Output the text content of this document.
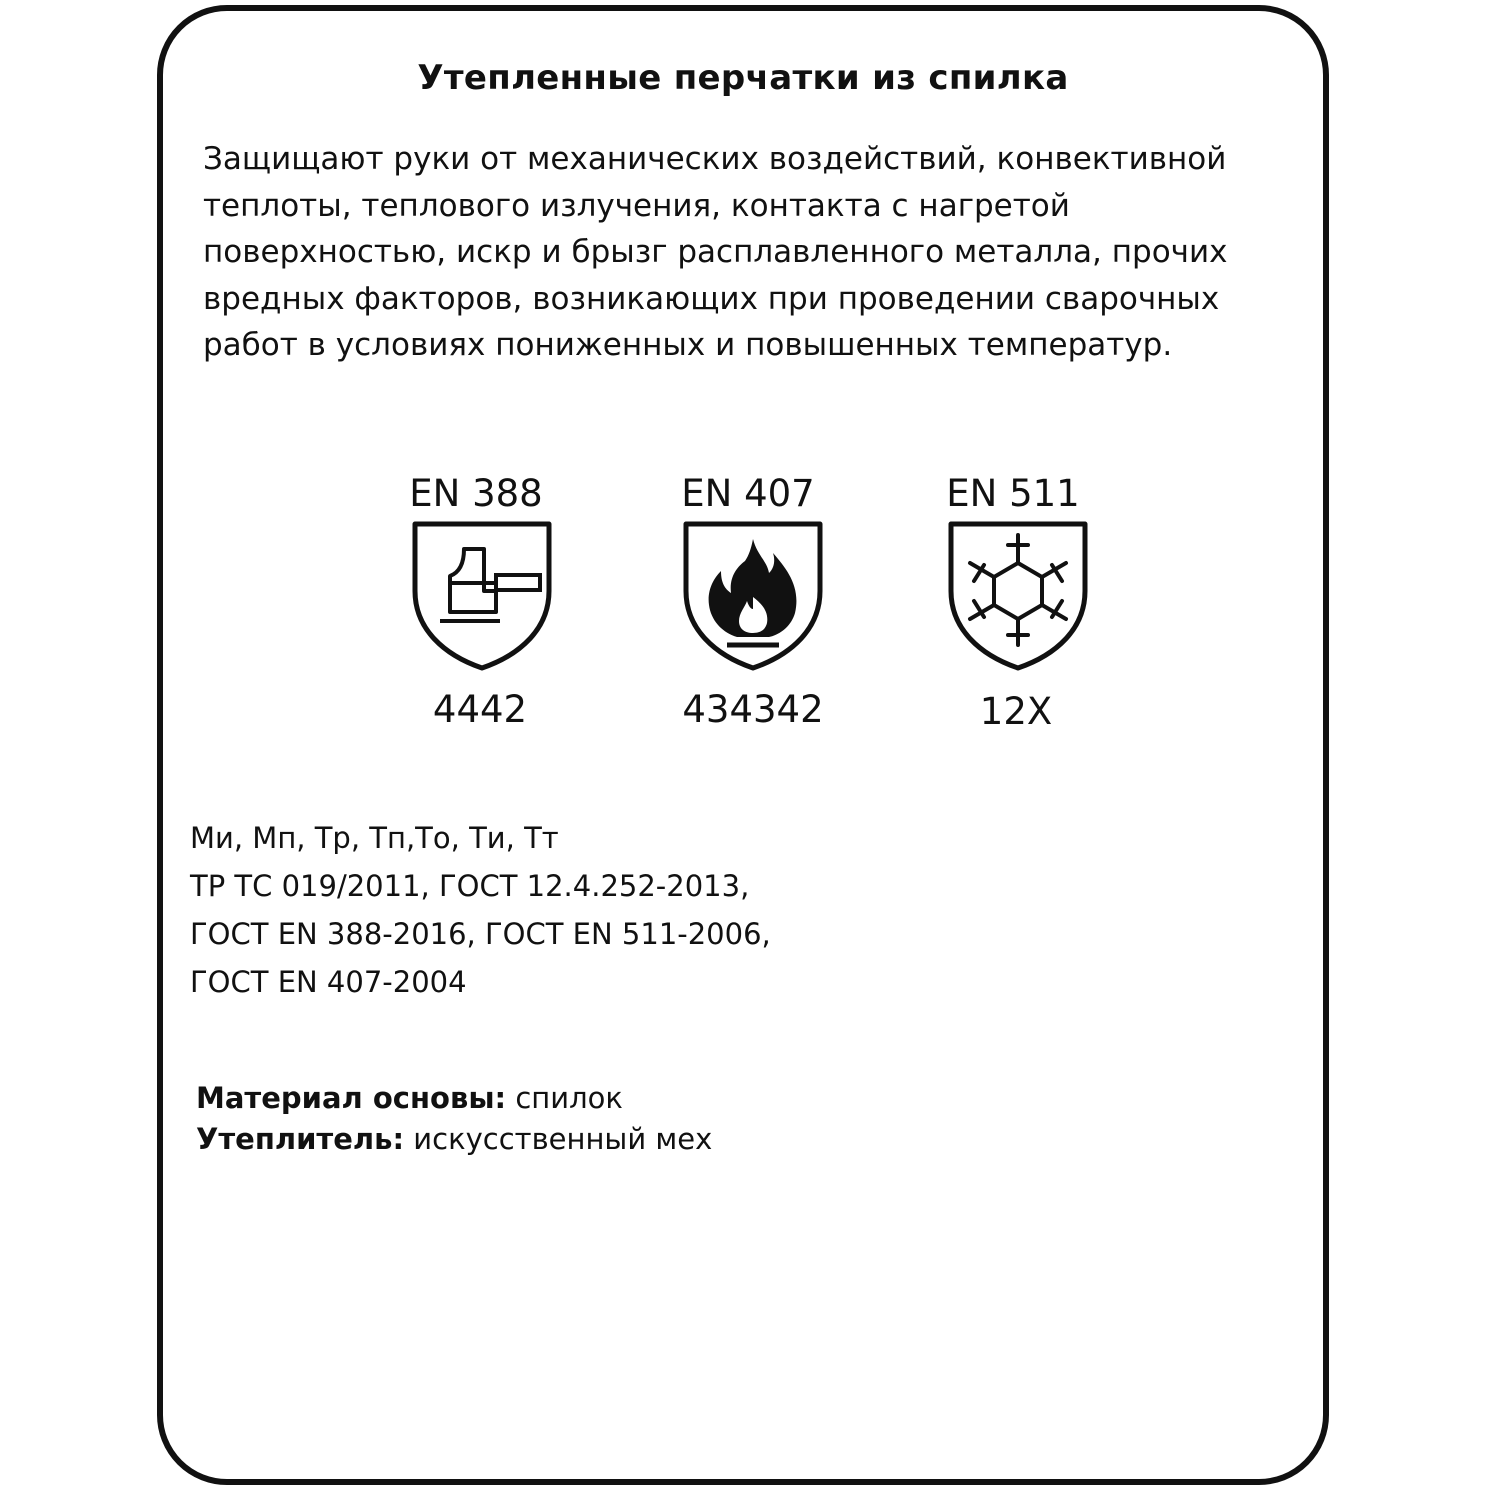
Утепленные перчатки из спилка
Защищают руки от механических воздействий, конвективной
теплоты, теплового излучения, контакта с нагретой
поверхностью, искр и брызг расплавленного металла, прочих
вредных факторов, возникающих при проведении сварочных
работ в условиях пониженных и повышенных температур.
EN 388
4442
EN 407
434342
EN 511
12X
Ми, Мп, Тр, Тп,То, Ти, Тт
ТР ТС 019/2011, ГОСТ 12.4.252-2013,
ГОСТ EN 388-2016, ГОСТ EN 511-2006,
ГОСТ EN 407-2004
Материал основы: спилок
Утеплитель: искусственный мех
